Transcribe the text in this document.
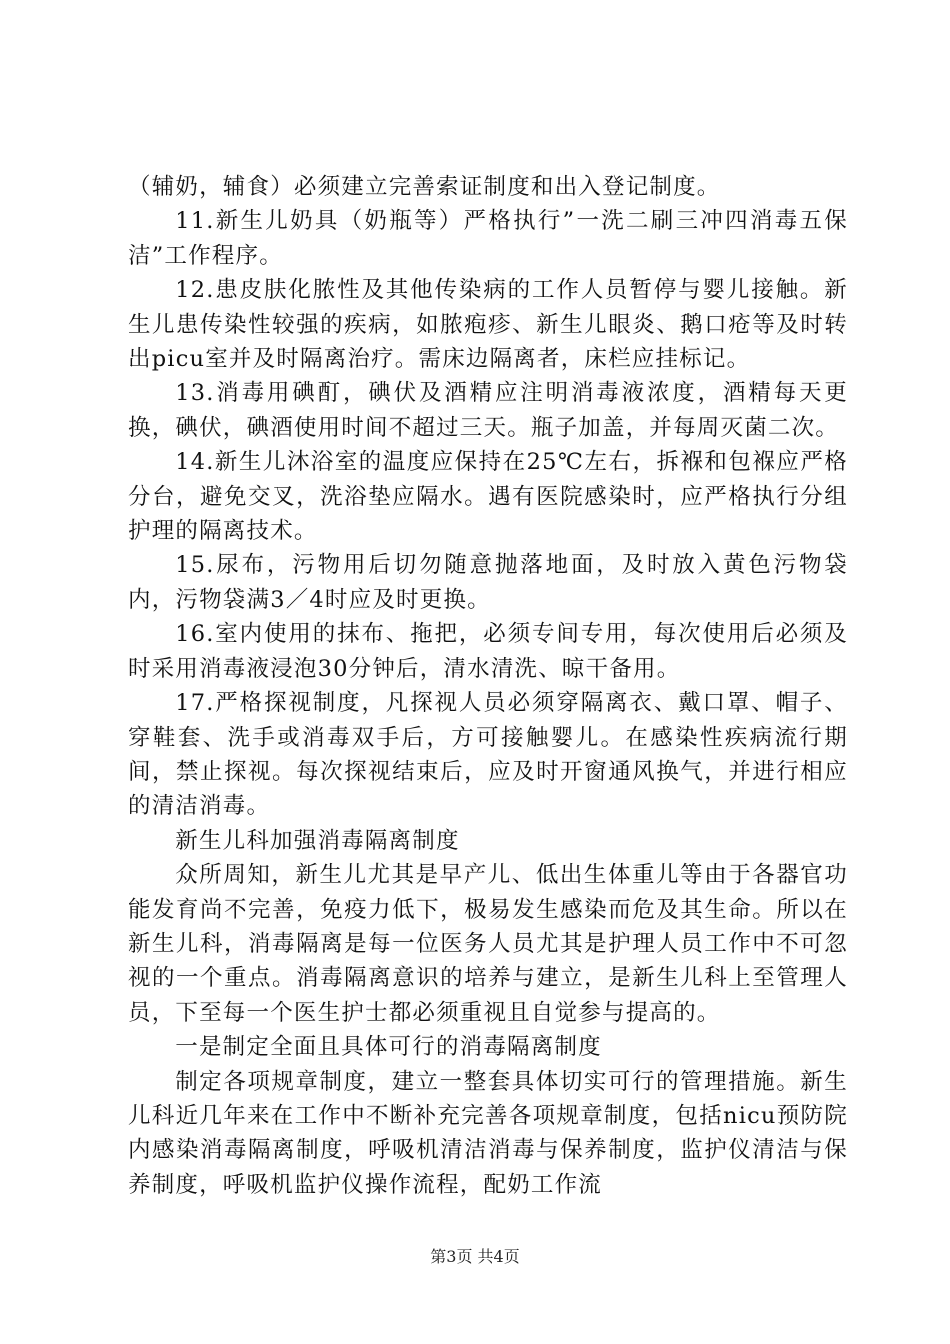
（辅奶，辅食）必须建立完善索证制度和出入登记制度。

11.新生儿奶具（奶瓶等）严格执行”一洗二刷三冲四消毒五保洁”工作程序。

12.患皮肤化脓性及其他传染病的工作人员暂停与婴儿接触。新生儿患传染性较强的疾病，如脓疱疹、新生儿眼炎、鹅口疮等及时转出picu室并及时隔离治疗。需床边隔离者，床栏应挂标记。

13.消毒用碘酊，碘伏及酒精应注明消毒液浓度，酒精每天更换，碘伏，碘酒使用时间不超过三天。瓶子加盖，并每周灭菌二次。

14.新生儿沐浴室的温度应保持在25℃左右，拆褓和包褓应严格分台，避免交叉，洗浴垫应隔水。遇有医院感染时，应严格执行分组护理的隔离技术。

15.尿布，污物用后切勿随意抛落地面，及时放入黄色污物袋内，污物袋满3／4时应及时更换。

16.室内使用的抹布、拖把，必须专间专用，每次使用后必须及时采用消毒液浸泡30分钟后，清水清洗、晾干备用。

17.严格探视制度，凡探视人员必须穿隔离衣、戴口罩、帽子、穿鞋套、洗手或消毒双手后，方可接触婴儿。在感染性疾病流行期间，禁止探视。每次探视结束后，应及时开窗通风换气，并进行相应的清洁消毒。

新生儿科加强消毒隔离制度

众所周知，新生儿尤其是早产儿、低出生体重儿等由于各器官功能发育尚不完善，免疫力低下，极易发生感染而危及其生命。所以在新生儿科，消毒隔离是每一位医务人员尤其是护理人员工作中不可忽视的一个重点。消毒隔离意识的培养与建立，是新生儿科上至管理人员，下至每一个医生护士都必须重视且自觉参与提高的。

一是制定全面且具体可行的消毒隔离制度

制定各项规章制度，建立一整套具体切实可行的管理措施。新生儿科近几年来在工作中不断补充完善各项规章制度，包括nicu预防院内感染消毒隔离制度，呼吸机清洁消毒与保养制度，监护仪清洁与保养制度，呼吸机监护仪操作流程，配奶工作流

第3页 共4页
